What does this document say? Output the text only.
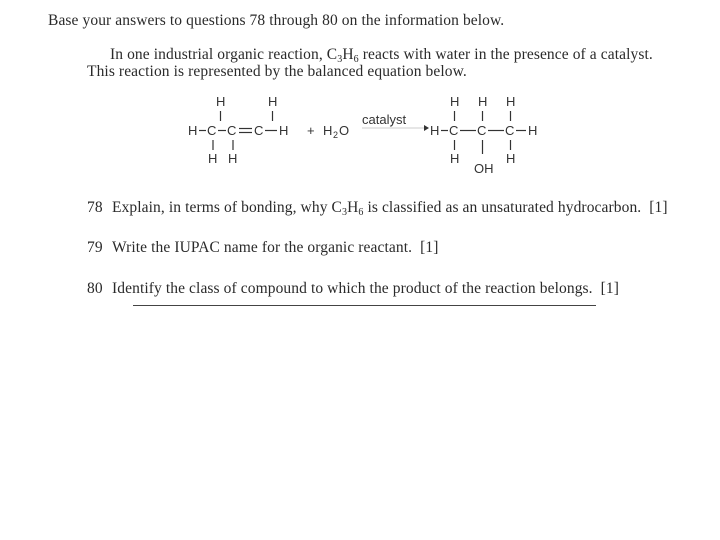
Base your answers to questions 78 through 80 on the information below.
In one industrial organic reaction, $C_3H_6$ reacts with water in the presence of a catalyst.
This reaction is represented by the balanced equation below.
H	H
H C C C H
H H
+ H 2 O
catalyst
H H H
H C C C H
H	H
OH
78 Explain, in terms of bonding, why $C_3H_6$ is classified as an unsaturated hydrocarbon. [1]
79 Write the IUPAC name for the organic reactant. [1]
80 Identify the class of compound to which the product of the reaction belongs. [1]
